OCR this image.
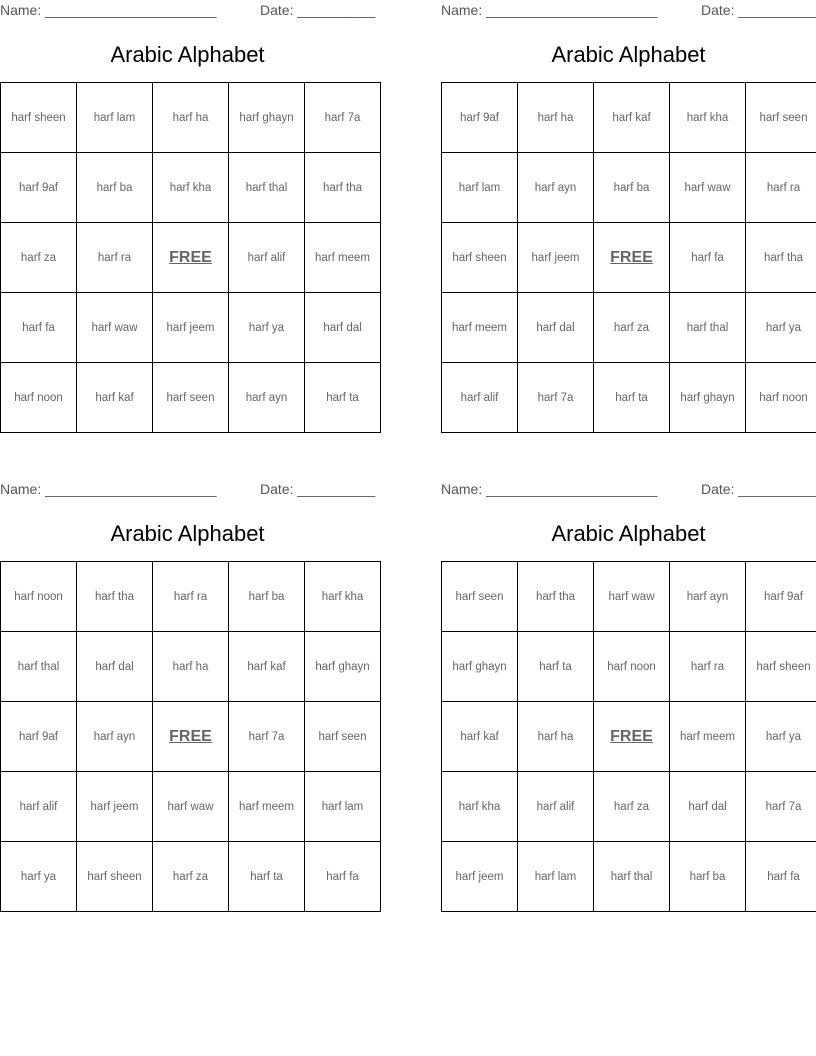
Name: ______________________	Date: __________
Arabic Alphabet
harf sheen	harf lam	harf ha	harf ghayn	harf 7a
harf 9af	harf ba	harf kha	harf thal	harf tha
harf za	harf ra	FREE	harf alif	harf meem
harf fa	harf waw	harf jeem	harf ya	harf dal
harf noon	harf kaf	harf seen	harf ayn	harf ta
Name: ______________________	Date: __________
Arabic Alphabet
harf 9af	harf ha	harf kaf	harf kha	harf seen
harf lam	harf ayn	harf ba	harf waw	harf ra
harf sheen	harf jeem	FREE	harf fa	harf tha
harf meem	harf dal	harf za	harf thal	harf ya
harf alif	harf 7a	harf ta	harf ghayn	harf noon
Name: ______________________	Date: __________
Arabic Alphabet
harf noon	harf tha	harf ra	harf ba	harf kha
harf thal	harf dal	harf ha	harf kaf	harf ghayn
harf 9af	harf ayn	FREE	harf 7a	harf seen
harf alif	harf jeem	harf waw	harf meem	harf lam
harf ya	harf sheen	harf za	harf ta	harf fa
Name: ______________________	Date: __________
Arabic Alphabet
harf seen	harf tha	harf waw	harf ayn	harf 9af
harf ghayn	harf ta	harf noon	harf ra	harf sheen
harf kaf	harf ha	FREE	harf meem	harf ya
harf kha	harf alif	harf za	harf dal	harf 7a
harf jeem	harf lam	harf thal	harf ba	harf fa
